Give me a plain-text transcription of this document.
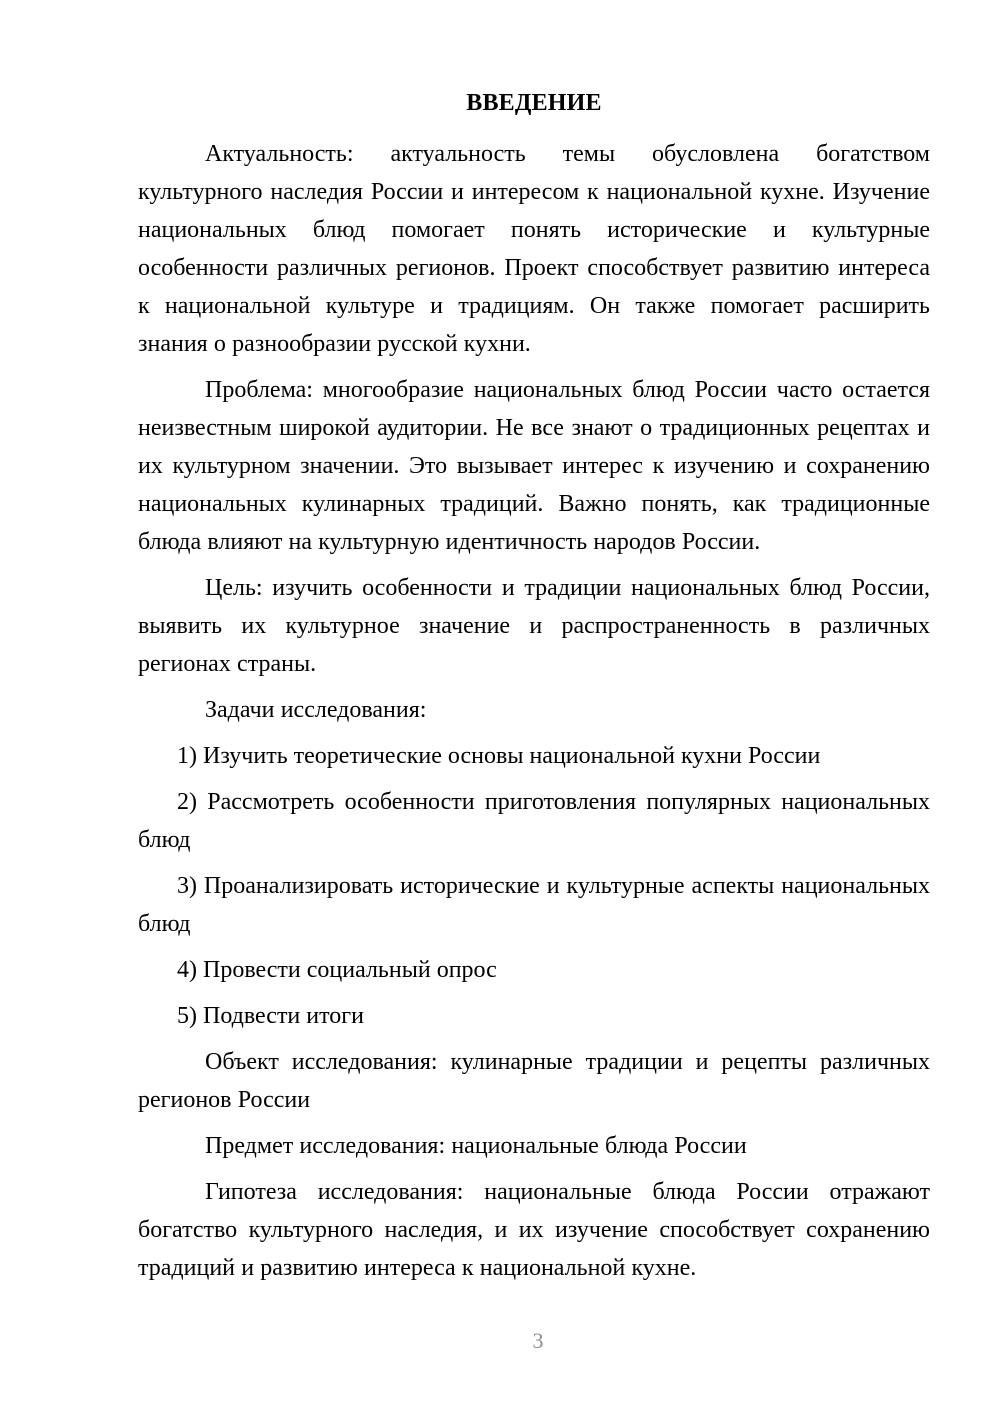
ВВЕДЕНИЕ

Актуальность: актуальность темы обусловлена богатством культурного наследия России и интересом к национальной кухне. Изучение национальных блюд помогает понять исторические и культурные особенности различных регионов. Проект способствует развитию интереса к национальной культуре и традициям. Он также помогает расширить знания о разнообразии русской кухни.

Проблема: многообразие национальных блюд России часто остается неизвестным широкой аудитории. Не все знают о традиционных рецептах и их культурном значении. Это вызывает интерес к изучению и сохранению национальных кулинарных традиций. Важно понять, как традиционные блюда влияют на культурную идентичность народов России.

Цель: изучить особенности и традиции национальных блюд России, выявить их культурное значение и распространенность в различных регионах страны.

Задачи исследования:

1) Изучить теоретические основы национальной кухни России

2) Рассмотреть особенности приготовления популярных национальных блюд

3) Проанализировать исторические и культурные аспекты национальных блюд

4) Провести социальный опрос

5) Подвести итоги

Объект исследования: кулинарные традиции и рецепты различных регионов России

Предмет исследования: национальные блюда России

Гипотеза исследования: национальные блюда России отражают богатство культурного наследия, и их изучение способствует сохранению традиций и развитию интереса к национальной кухне.

3
